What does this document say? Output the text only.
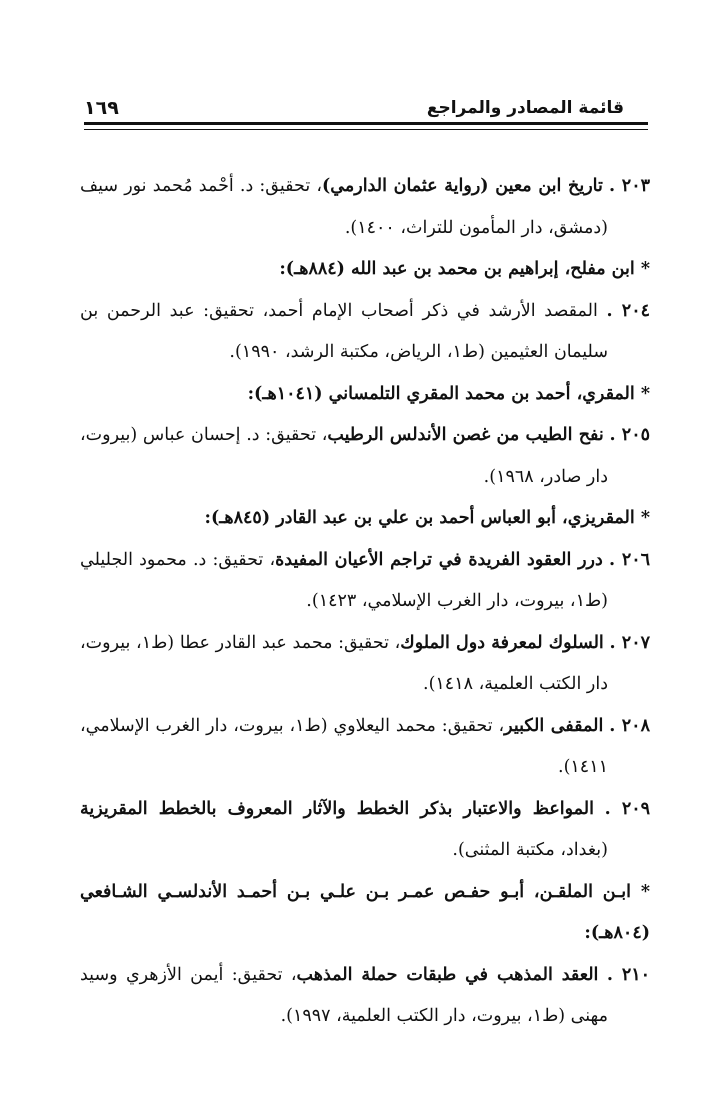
قائمة المصادر والمراجع
١٦٩

٢٠٣ . تاريخ ابن معين (رواية عثمان الدارمي)، تحقيق: د. أحْمد مُحمد نور سيف (دمشق، دار المأمون للتراث، ١٤٠٠).

* ابن مفلح، إبراهيم بن محمد بن عبد الله (٨٨٤هـ):

٢٠٤ . المقصد الأرشد في ذكر أصحاب الإمام أحمد، تحقيق: عبد الرحمن بن سليمان العثيمين (ط١، الرياض، مكتبة الرشد، ١٩٩٠).

* المقري، أحمد بن محمد المقري التلمساني (١٠٤١هـ):

٢٠٥ . نفح الطيب من غصن الأندلس الرطيب، تحقيق: د. إحسان عباس (بيروت، دار صادر، ١٩٦٨).

* المقريزي، أبو العباس أحمد بن علي بن عبد القادر (٨٤٥هـ):

٢٠٦ . درر العقود الفريدة في تراجم الأعيان المفيدة، تحقيق: د. محمود الجليلي (ط١، بيروت، دار الغرب الإسلامي، ١٤٢٣).

٢٠٧ . السلوك لمعرفة دول الملوك، تحقيق: محمد عبد القادر عطا (ط١، بيروت، دار الكتب العلمية، ١٤١٨).

٢٠٨ . المقفى الكبير، تحقيق: محمد اليعلاوي (ط١، بيروت، دار الغرب الإسلامي، ١٤١١).

٢٠٩ . المواعظ والاعتبار بذكر الخطط والآثار المعروف بالخطط المقريزية (بغداد، مكتبة المثنى).

* ابـن الملقـن، أبـو حفـص عمـر بـن علـي بـن أحمـد الأندلسـي الشـافعي (٨٠٤هـ):

٢١٠ . العقد المذهب في طبقات حملة المذهب، تحقيق: أيمن الأزهري وسيد مهنى (ط١، بيروت، دار الكتب العلمية، ١٩٩٧).
